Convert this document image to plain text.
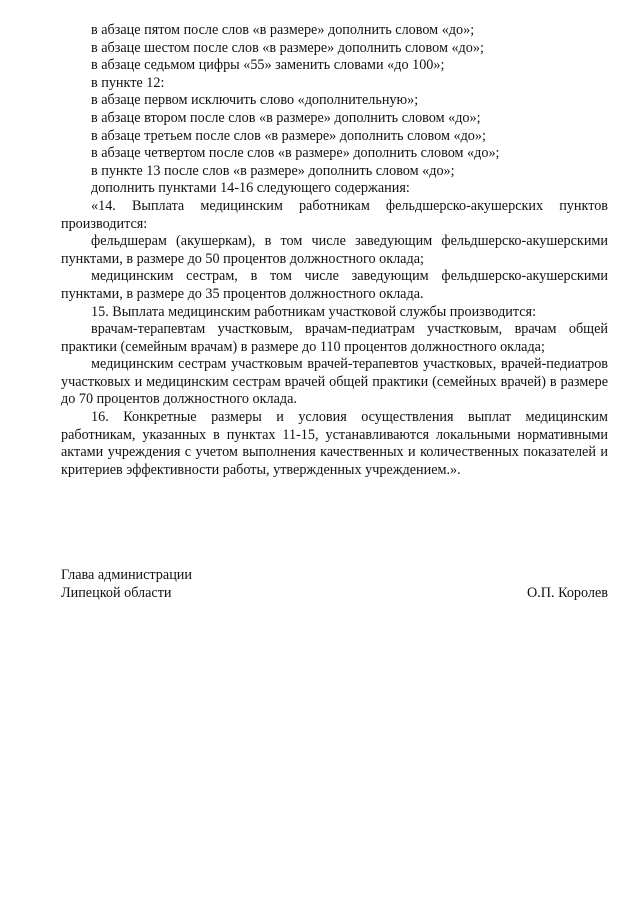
в абзаце пятом после слов «в размере» дополнить словом «до»;

в абзаце шестом после слов «в размере» дополнить словом «до»;

в абзаце седьмом цифры «55» заменить словами «до 100»;

в пункте 12:

в абзаце первом исключить слово «дополнительную»;

в абзаце втором после слов «в размере» дополнить словом «до»;

в абзаце третьем после слов «в размере» дополнить словом «до»;

в абзаце четвертом после слов «в размере» дополнить словом «до»;

в пункте 13 после слов «в размере» дополнить словом «до»;

дополнить пунктами 14-16 следующего содержания:

«14. Выплата медицинским работникам фельдшерско-акушерских пунктов производится:

фельдшерам (акушеркам), в том числе заведующим фельдшерско-акушерскими пунктами, в размере до 50 процентов должностного оклада;

медицинским сестрам, в том числе заведующим фельдшерско-акушерскими пунктами, в размере до 35 процентов должностного оклада.

15. Выплата медицинским работникам участковой службы производится:

врачам-терапевтам участковым, врачам-педиатрам участковым, врачам общей практики (семейным врачам) в размере до 110 процентов должностного оклада;

медицинским сестрам участковым врачей-терапевтов участковых, врачей-педиатров участковых и медицинским сестрам врачей общей практики (семейных врачей) в размере до 70 процентов должностного оклада.

16. Конкретные размеры и условия осуществления выплат медицинским работникам, указанных в пунктах 11-15, устанавливаются локальными нормативными актами учреждения с учетом выполнения качественных и количественных показателей и критериев эффективности работы, утвержденных учреждением.».

Глава администрации
Липецкой области	О.П. Королев
